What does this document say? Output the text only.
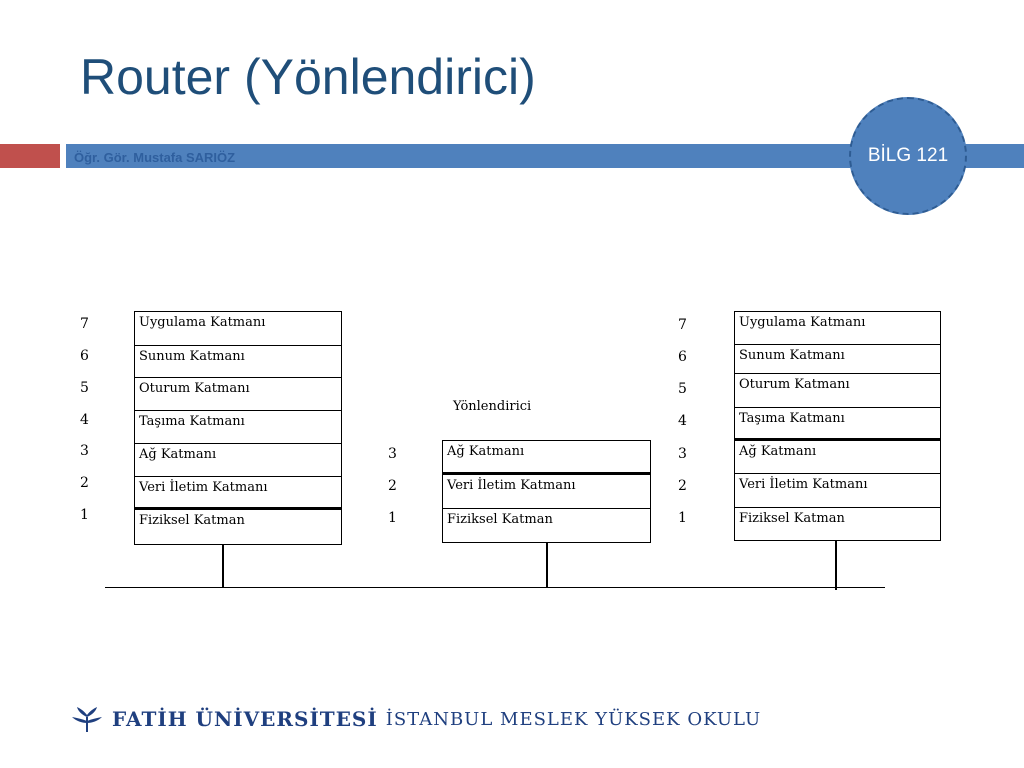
Router (Yönlendirici)
Öğr. Gör. Mustafa SARIÖZ	BİLG 121
7
6
5
4
3
2
1
Uygulama Katmanı
Sunum Katmanı
Oturum Katmanı
Taşıma Katmanı
Ağ Katmanı
Veri İletim Katmanı
Fiziksel Katman
Yönlendirici
3
2
1
Ağ Katmanı
Veri İletim Katmanı
Fiziksel Katman
7
6
5
4
3
2
1
Uygulama Katmanı
Sunum Katmanı
Oturum Katmanı
Taşıma Katmanı
Ağ Katmanı
Veri İletim Katmanı
Fiziksel Katman
FATİH ÜNİVERSİTESİ İSTANBUL MESLEK YÜKSEK OKULU
